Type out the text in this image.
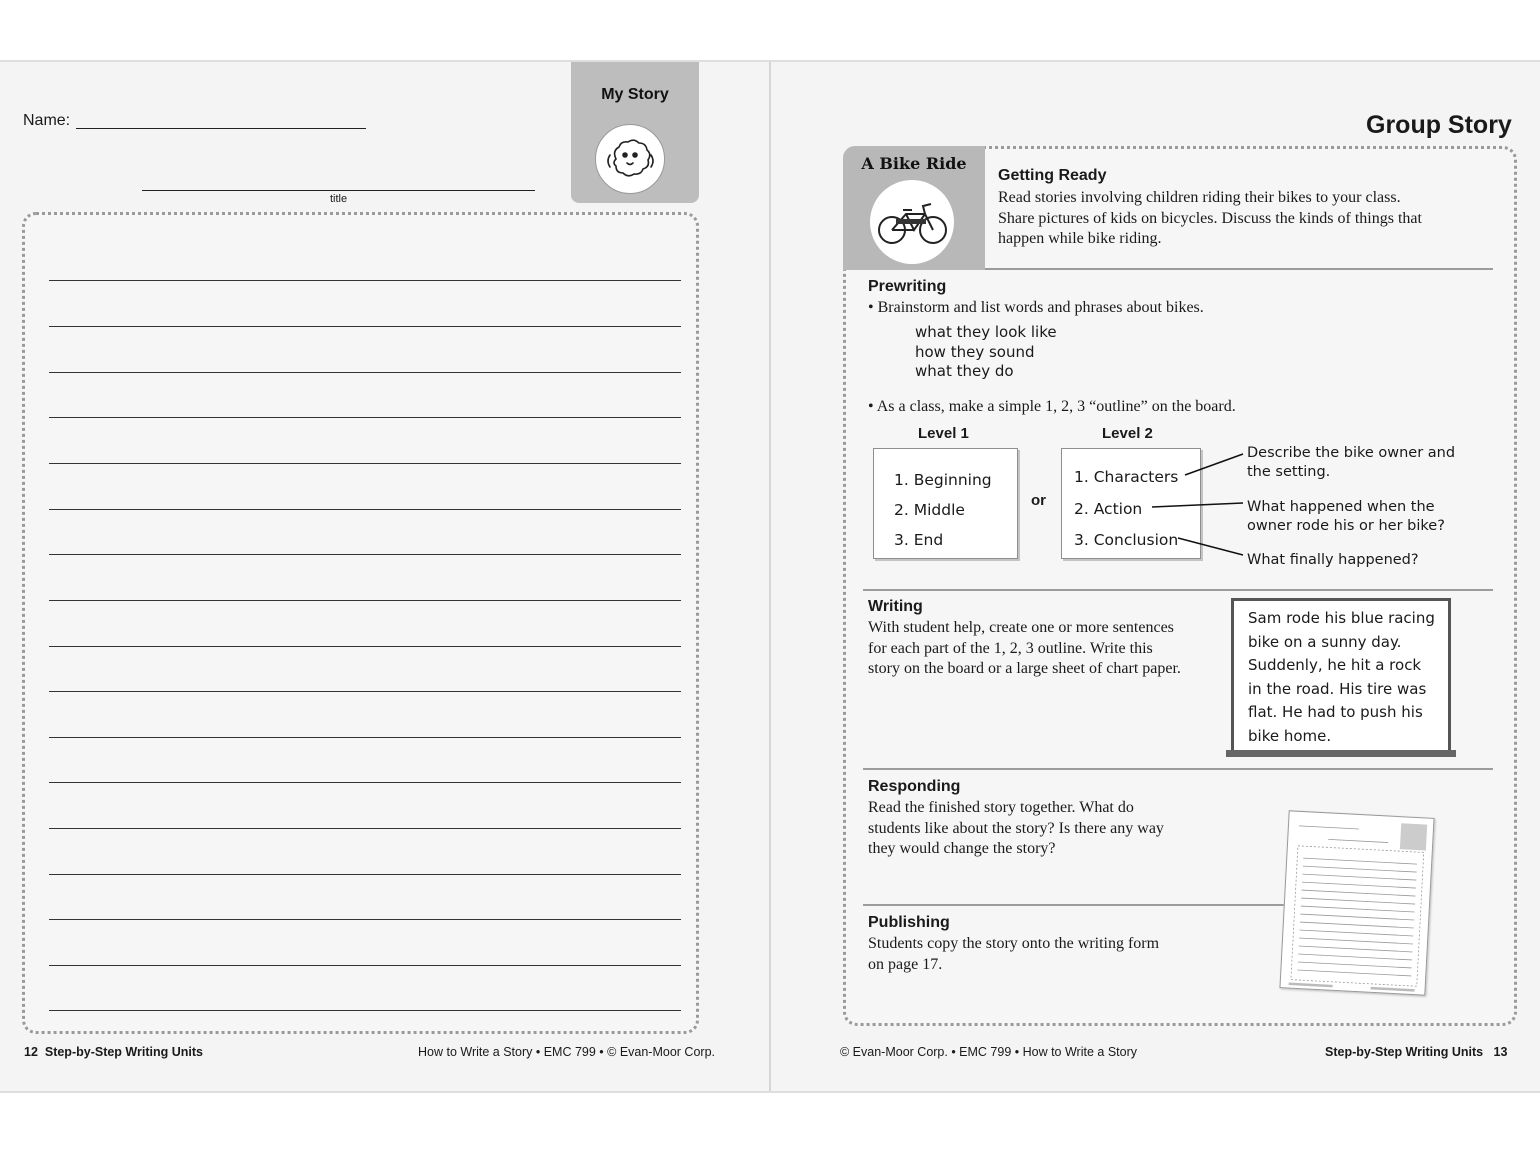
Name:
title
My Story
12 Step-by-Step Writing Units	How to Write a Story • EMC 799 • © Evan-Moor Corp.
Group Story
A Bike Ride
Getting Ready
Read stories involving children riding their bikes to your class.
Share pictures of kids on bicycles. Discuss the kinds of things that
happen while bike riding.
Prewriting
• Brainstorm and list words and phrases about bikes.
what they look like
how they sound
what they do
• As a class, make a simple 1, 2, 3 “outline” on the board.
Level 1	Level 2
1. Beginning
2. Middle
3. End
or
1. Characters
2. Action
3. Conclusion
Describe the bike owner and
the setting.
What happened when the
owner rode his or her bike?
What finally happened?
Writing
With student help, create one or more sentences
for each part of the 1, 2, 3 outline. Write this
story on the board or a large sheet of chart paper.
Sam rode his blue racing
bike on a sunny day.
Suddenly, he hit a rock
in the road. His tire was
flat. He had to push his
bike home.
Responding
Read the finished story together. What do
students like about the story? Is there any way
they would change the story?
Publishing
Students copy the story onto the writing form
on page 17.
© Evan-Moor Corp. • EMC 799 • How to Write a Story	Step-by-Step Writing Units 13
